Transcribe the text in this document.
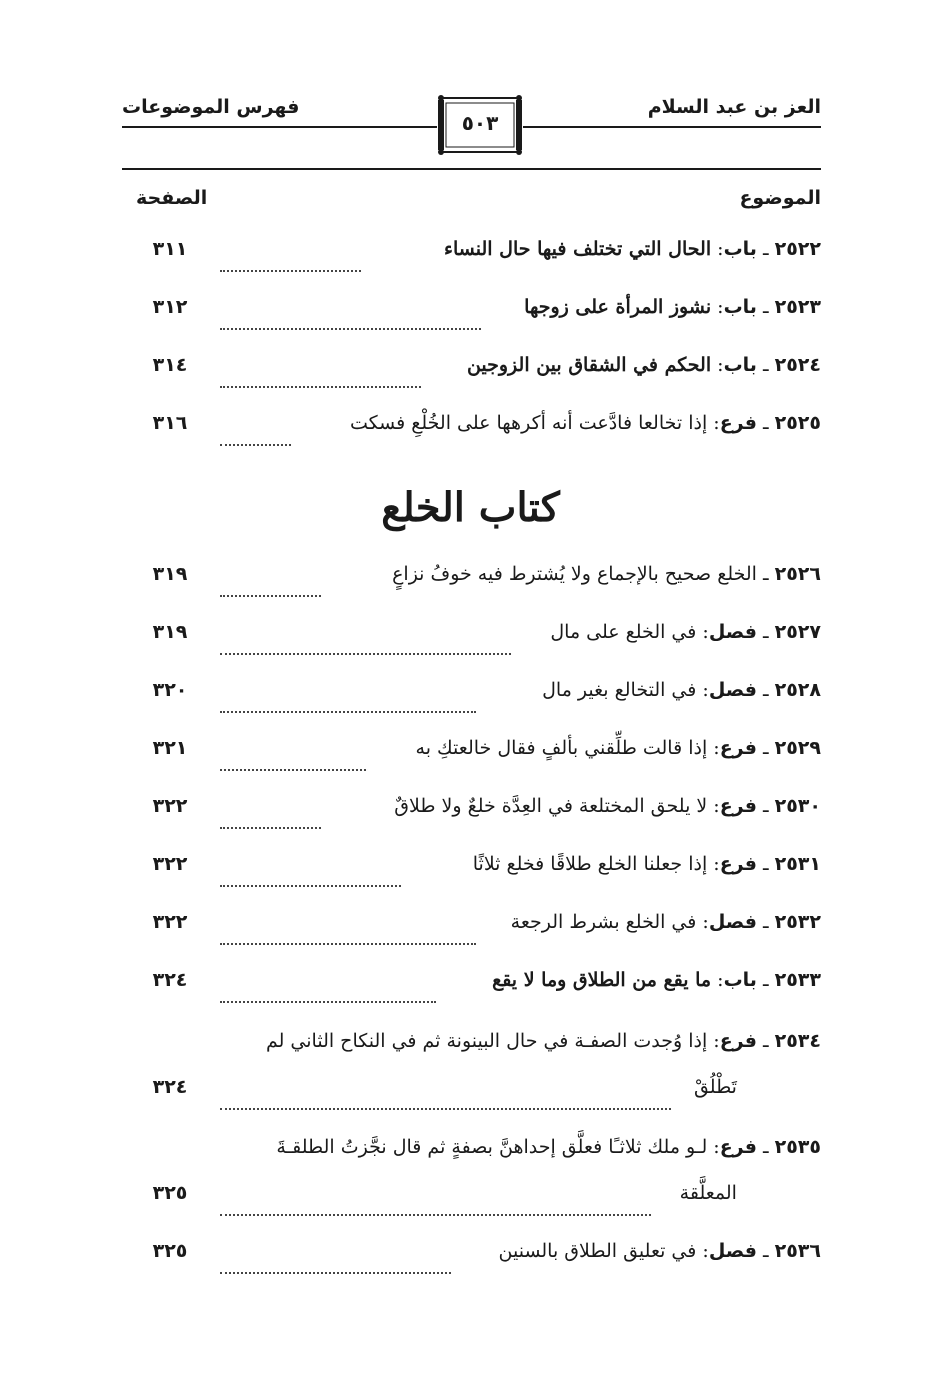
العز بن عبد السلام
فهرس الموضوعات
٥٠٣
الموضوع
الصفحة
٢٥٢٢ ـ باب: الحال التي تختلف فيها حال النساء
٣١١
٢٥٢٣ ـ باب: نشوز المرأة على زوجها
٣١٢
٢٥٢٤ ـ باب: الحكم في الشقاق بين الزوجين
٣١٤
٢٥٢٥ ـ فرع: إذا تخالعا فادَّعت أنه أكرهها على الخُلْعِ فسكت
٣١٦
كتاب الخلع
٢٥٢٦ ـ الخلع صحيح بالإجماع ولا يُشترط فيه خوفُ نزاعٍ
٣١٩
٢٥٢٧ ـ فصل: في الخلع على مال
٣١٩
٢٥٢٨ ـ فصل: في التخالع بغير مال
٣٢٠
٢٥٢٩ ـ فرع: إذا قالت طلِّقني بألفٍ فقال خالعتكِ به
٣٢١
٢٥٣٠ ـ فرع: لا يلحق المختلعة في العِدَّة خلعٌ ولا طلاقٌ
٣٢٢
٢٥٣١ ـ فرع: إذا جعلنا الخلع طلاقًا فخلع ثلاثًا
٣٢٢
٢٥٣٢ ـ فصل: في الخلع بشرط الرجعة
٣٢٢
٢٥٣٣ ـ باب: ما يقع من الطلاق وما لا يقع
٣٢٤
٢٥٣٤ ـ فرع: إذا وُجدت الصفـة في حال البينونة ثم في النكاح الثاني لم
تَطْلُقْ
٣٢٤
٢٥٣٥ ـ فرع: لـو ملك ثلاثـًا فعلَّق إحداهنَّ بصفةٍ ثم قال نجَّزتُ الطلقـةَ
المعلَّقة
٣٢٥
٢٥٣٦ ـ فصل: في تعليق الطلاق بالسنين
٣٢٥
